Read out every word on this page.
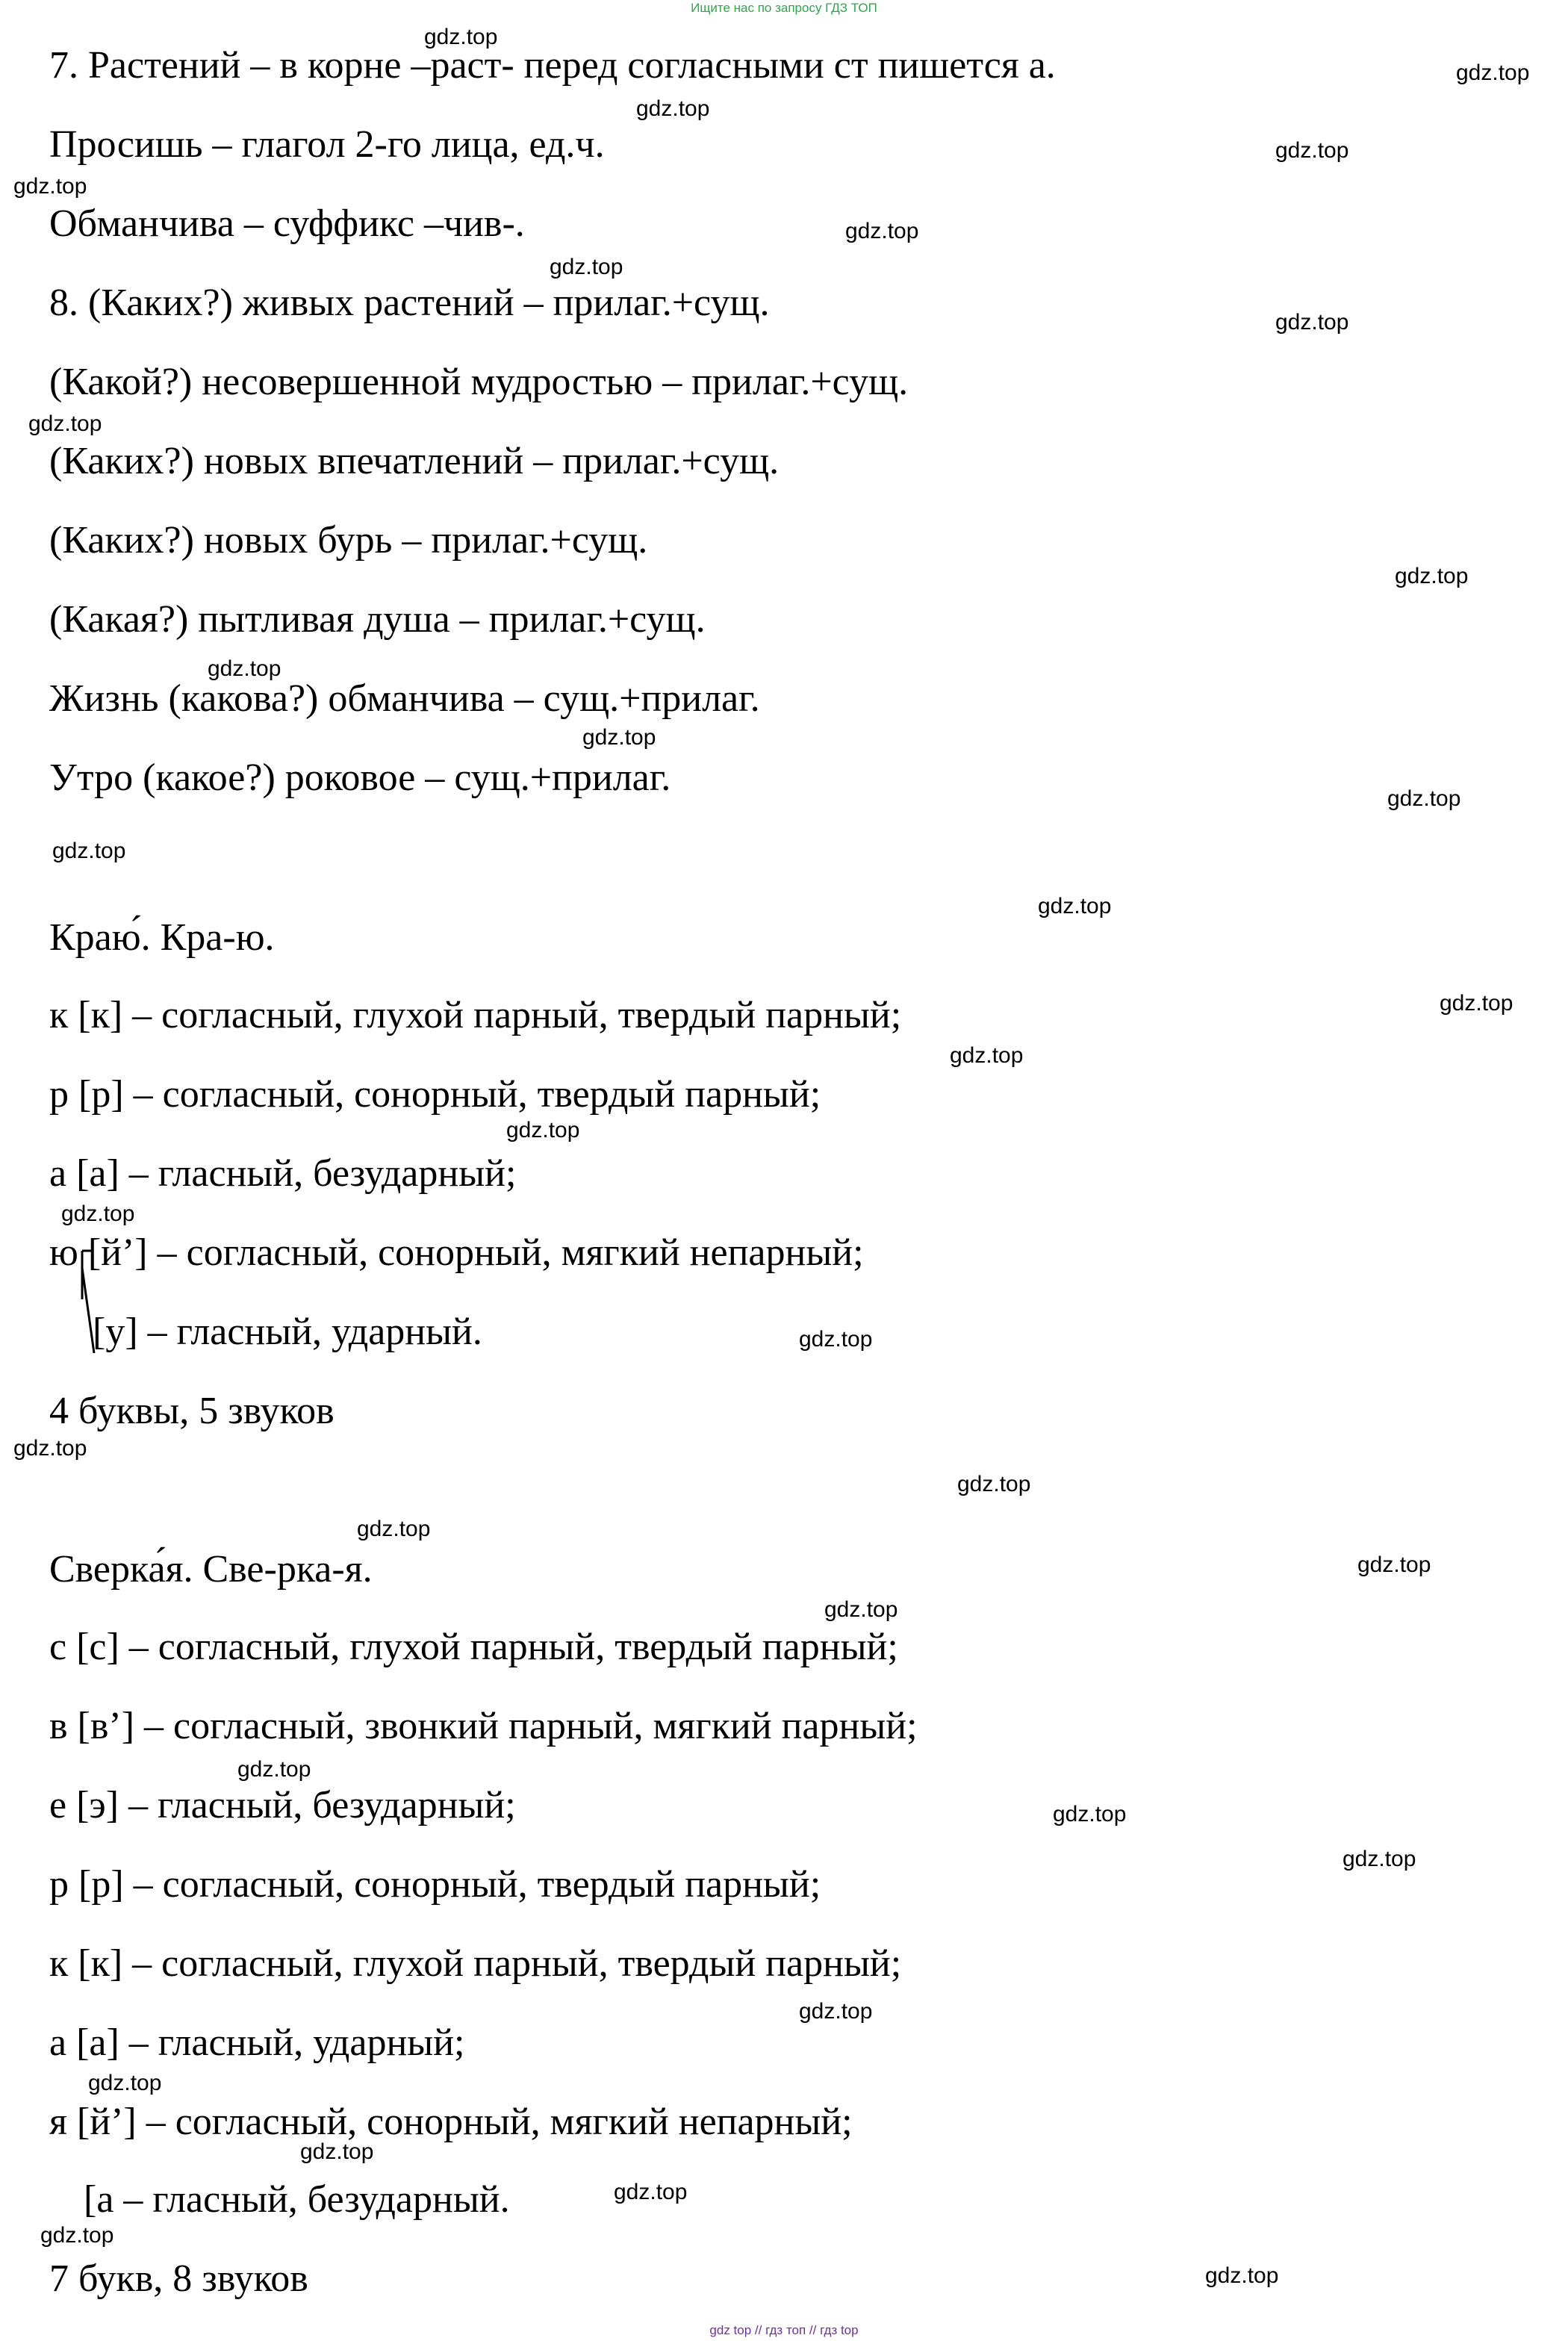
Ищите нас по запросу ГДЗ ТОП

7. Растений – в корне –раст- перед согласными ст пишется а.

Просишь – глагол 2-го лица, ед.ч.

Обманчива – суффикс –чив-.

8. (Каких?) живых растений – прилаг.+сущ.

(Какой?) несовершенной мудростью – прилаг.+сущ.

(Каких?) новых впечатлений – прилаг.+сущ.

(Каких?) новых бурь – прилаг.+сущ.

(Какая?) пытливая душа – прилаг.+сущ.

Жизнь (какова?) обманчива – сущ.+прилаг.

Утро (какое?) роковое – сущ.+прилаг.

Краю́. Кра-ю.

к [к] – согласный, глухой парный, твердый парный;

р [р] – согласный, сонорный, твердый парный;

а [а] – гласный, безударный;

ю [й’] – согласный, сонорный, мягкий непарный;

[у] – гласный, ударный.

4 буквы, 5 звуков

Сверка́я. Све-рка-я.

с [с] – согласный, глухой парный, твердый парный;

в [в’] – согласный, звонкий парный, мягкий парный;

е [э] – гласный, безударный;

р [р] – согласный, сонорный, твердый парный;

к [к] – согласный, глухой парный, твердый парный;

а [а] – гласный, ударный;

я [й’] – согласный, сонорный, мягкий непарный;

[а – гласный, безударный.

7 букв, 8 звуков

gdz.top
gdz.top
gdz.top
gdz.top
gdz.top
gdz.top
gdz.top
gdz.top
gdz.top
gdz.top
gdz.top
gdz.top
gdz.top
gdz.top
gdz.top
gdz.top
gdz.top
gdz.top
gdz.top
gdz.top
gdz.top
gdz.top
gdz.top
gdz.top
gdz.top
gdz.top
gdz.top
gdz.top
gdz.top
gdz.top
gdz.top
gdz.top
gdz.top
gdz.top
gdz top // гдз топ // гдз top
